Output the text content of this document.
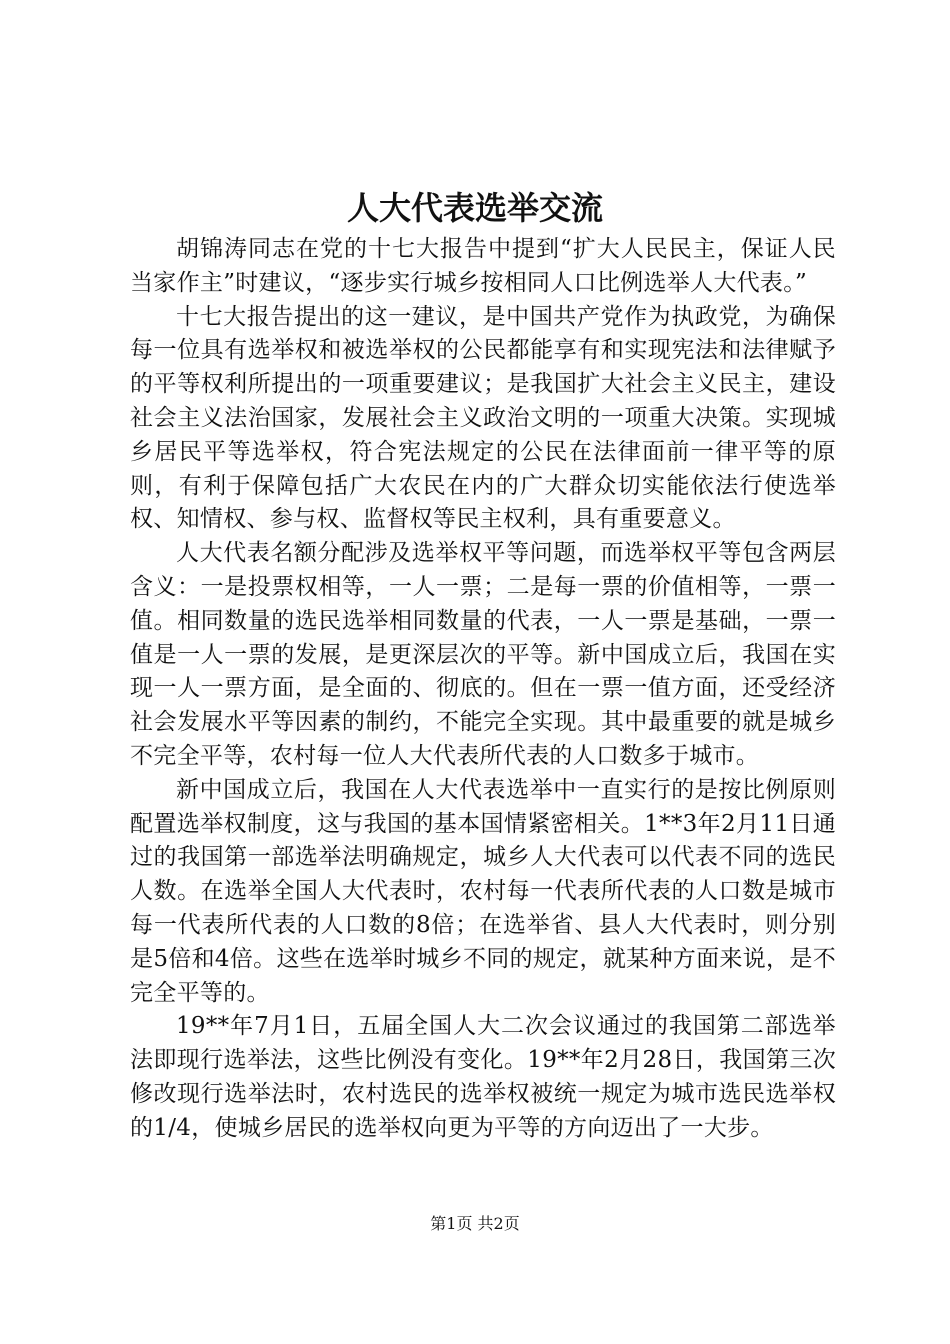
人大代表选举交流

胡锦涛同志在党的十七大报告中提到“扩大人民民主，保证人民当家作主”时建议，“逐步实行城乡按相同人口比例选举人大代表。”

十七大报告提出的这一建议，是中国共产党作为执政党，为确保每一位具有选举权和被选举权的公民都能享有和实现宪法和法律赋予的平等权利所提出的一项重要建议；是我国扩大社会主义民主，建设社会主义法治国家，发展社会主义政治文明的一项重大决策。实现城乡居民平等选举权，符合宪法规定的公民在法律面前一律平等的原则，有利于保障包括广大农民在内的广大群众切实能依法行使选举权、知情权、参与权、监督权等民主权利，具有重要意义。

人大代表名额分配涉及选举权平等问题，而选举权平等包含两层含义：一是投票权相等，一人一票；二是每一票的价值相等，一票一值。相同数量的选民选举相同数量的代表，一人一票是基础，一票一值是一人一票的发展，是更深层次的平等。新中国成立后，我国在实现一人一票方面，是全面的、彻底的。但在一票一值方面，还受经济社会发展水平等因素的制约，不能完全实现。其中最重要的就是城乡不完全平等，农村每一位人大代表所代表的人口数多于城市。

新中国成立后，我国在人大代表选举中一直实行的是按比例原则配置选举权制度，这与我国的基本国情紧密相关。1**3年2月11日通过的我国第一部选举法明确规定，城乡人大代表可以代表不同的选民人数。在选举全国人大代表时，农村每一代表所代表的人口数是城市每一代表所代表的人口数的8倍；在选举省、县人大代表时，则分别是5倍和4倍。这些在选举时城乡不同的规定，就某种方面来说，是不完全平等的。

19**年7月1日，五届全国人大二次会议通过的我国第二部选举法即现行选举法，这些比例没有变化。19**年2月28日，我国第三次修改现行选举法时，农村选民的选举权被统一规定为城市选民选举权的1/4，使城乡居民的选举权向更为平等的方向迈出了一大步。

第1页 共2页
